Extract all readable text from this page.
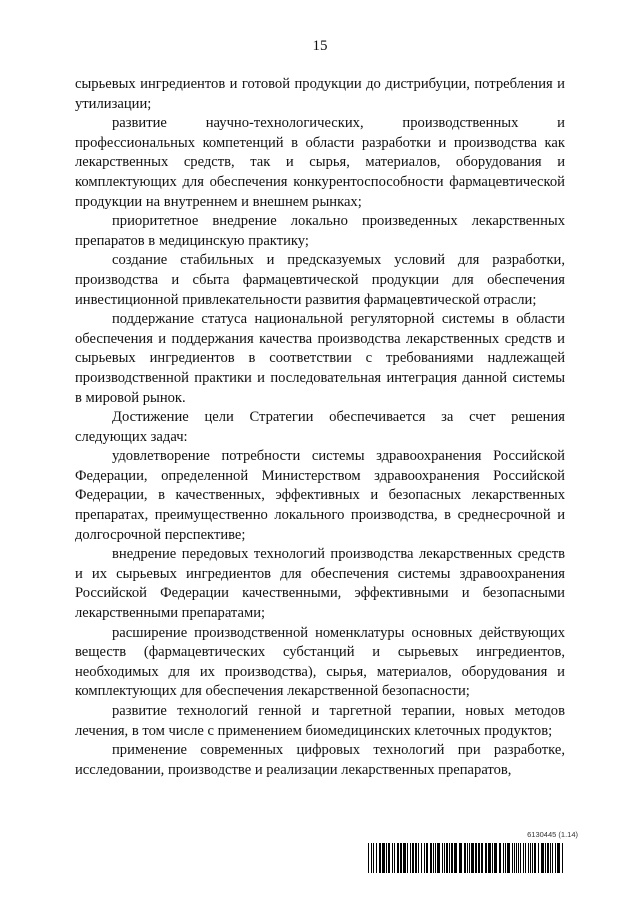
15

сырьевых ингредиентов и готовой продукции до дистрибуции, потребления и утилизации;

развитие научно-технологических, производственных и профессиональных компетенций в области разработки и производства как лекарственных средств, так и сырья, материалов, оборудования и комплектующих для обеспечения конкурентоспособности фармацевтической продукции на внутреннем и внешнем рынках;

приоритетное внедрение локально произведенных лекарственных препаратов в медицинскую практику;

создание стабильных и предсказуемых условий для разработки, производства и сбыта фармацевтической продукции для обеспечения инвестиционной привлекательности развития фармацевтической отрасли;

поддержание статуса национальной регуляторной системы в области обеспечения и поддержания качества производства лекарственных средств и сырьевых ингредиентов в соответствии с требованиями надлежащей производственной практики и последовательная интеграция данной системы в мировой рынок.

Достижение цели Стратегии обеспечивается за счет решения следующих задач:

удовлетворение потребности системы здравоохранения Российской Федерации, определенной Министерством здравоохранения Российской Федерации, в качественных, эффективных и безопасных лекарственных препаратах, преимущественно локального производства, в среднесрочной и долгосрочной перспективе;

внедрение передовых технологий производства лекарственных средств и их сырьевых ингредиентов для обеспечения системы здравоохранения Российской Федерации качественными, эффективными и безопасными лекарственными препаратами;

расширение производственной номенклатуры основных действующих веществ (фармацевтических субстанций и сырьевых ингредиентов, необходимых для их производства), сырья, материалов, оборудования и комплектующих для обеспечения лекарственной безопасности;

развитие технологий генной и таргетной терапии, новых методов лечения, в том числе с применением биомедицинских клеточных продуктов;

применение современных цифровых технологий при разработке, исследовании, производстве и реализации лекарственных препаратов,

6130445 (1.14)
